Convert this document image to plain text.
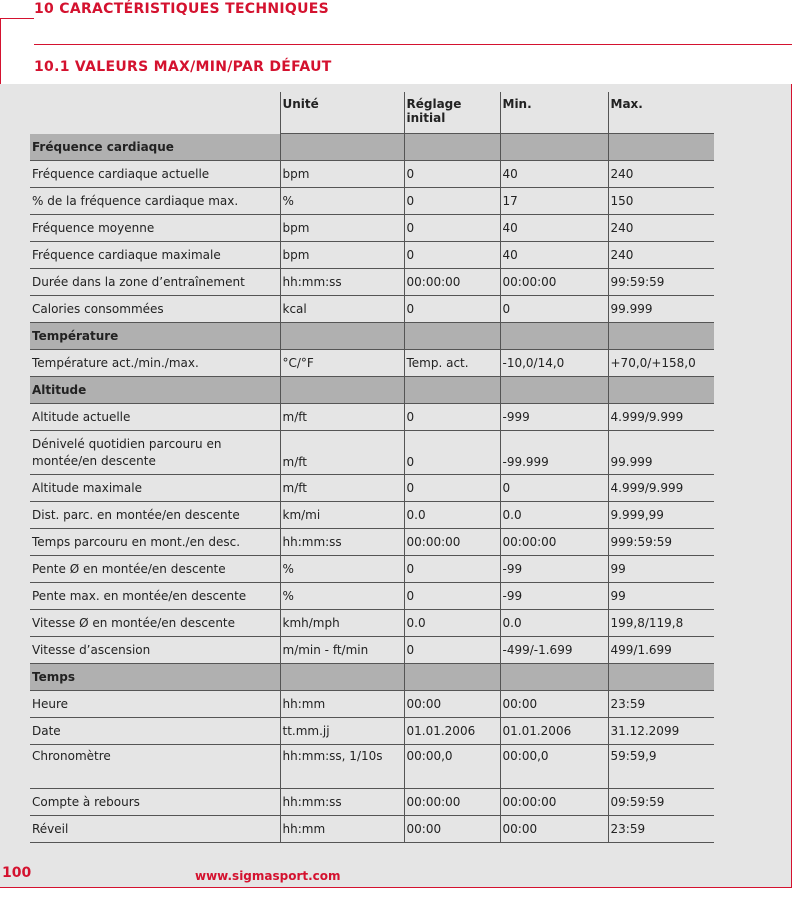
10 CARACTÉRISTIQUES TECHNIQUES
10.1 VALEURS MAX/MIN/PAR DÉFAUT
	Unité	Réglage initial	Min.	Max.
Fréquence cardiaque				
Fréquence cardiaque actuelle	bpm	0	40	240
% de la fréquence cardiaque max.	%	0	17	150
Fréquence moyenne	bpm	0	40	240
Fréquence cardiaque maximale	bpm	0	40	240
Durée dans la zone d’entraînement	hh:mm:ss	00:00:00	00:00:00	99:59:59
Calories consommées	kcal	0	0	99.999
Température				
Température act./min./max.	°C/°F	Temp. act.	-10,0/14,0	+70,0/+158,0
Altitude				
Altitude actuelle	m/ft	0	-999	4.999/9.999
Dénivelé quotidien parcouru en montée/en descente	m/ft	0	-99.999	99.999
Altitude maximale	m/ft	0	0	4.999/9.999
Dist. parc. en montée/en descente	km/mi	0.0	0.0	9.999,99
Temps parcouru en mont./en desc.	hh:mm:ss	00:00:00	00:00:00	999:59:59
Pente Ø en montée/en descente	%	0	-99	99
Pente max. en montée/en descente	%	0	-99	99
Vitesse Ø en montée/en descente	kmh/mph	0.0	0.0	199,8/119,8
Vitesse d’ascension	m/min - ft/min	0	-499/-1.699	499/1.699
Temps				
Heure	hh:mm	00:00	00:00	23:59
Date	tt.mm.jj	01.01.2006	01.01.2006	31.12.2099
Chronomètre	hh:mm:ss, 1/10s	00:00,0	00:00,0	59:59,9
Compte à rebours	hh:mm:ss	00:00:00	00:00:00	09:59:59
Réveil	hh:mm	00:00	00:00	23:59
100	www.sigmasport.com
